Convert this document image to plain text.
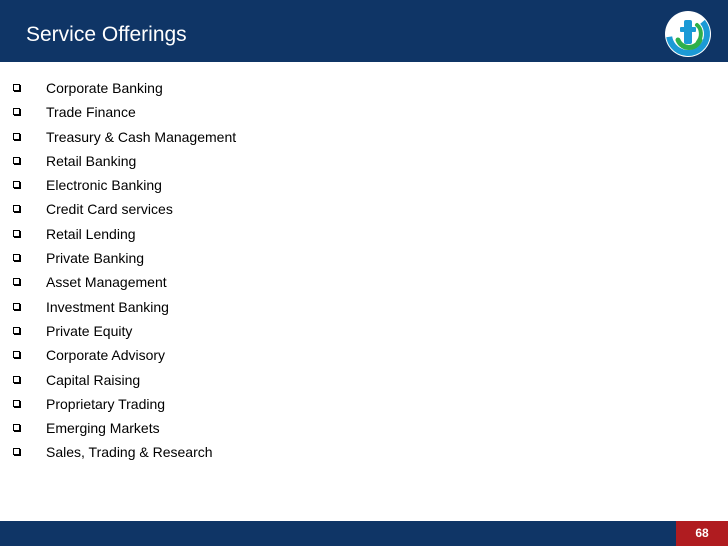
Service Offerings
Corporate Banking
Trade Finance
Treasury & Cash Management
Retail Banking
Electronic Banking
Credit Card services
Retail Lending
Private Banking
Asset Management
Investment Banking
Private Equity
Corporate Advisory
Capital Raising
Proprietary Trading
Emerging Markets
Sales, Trading & Research
68
